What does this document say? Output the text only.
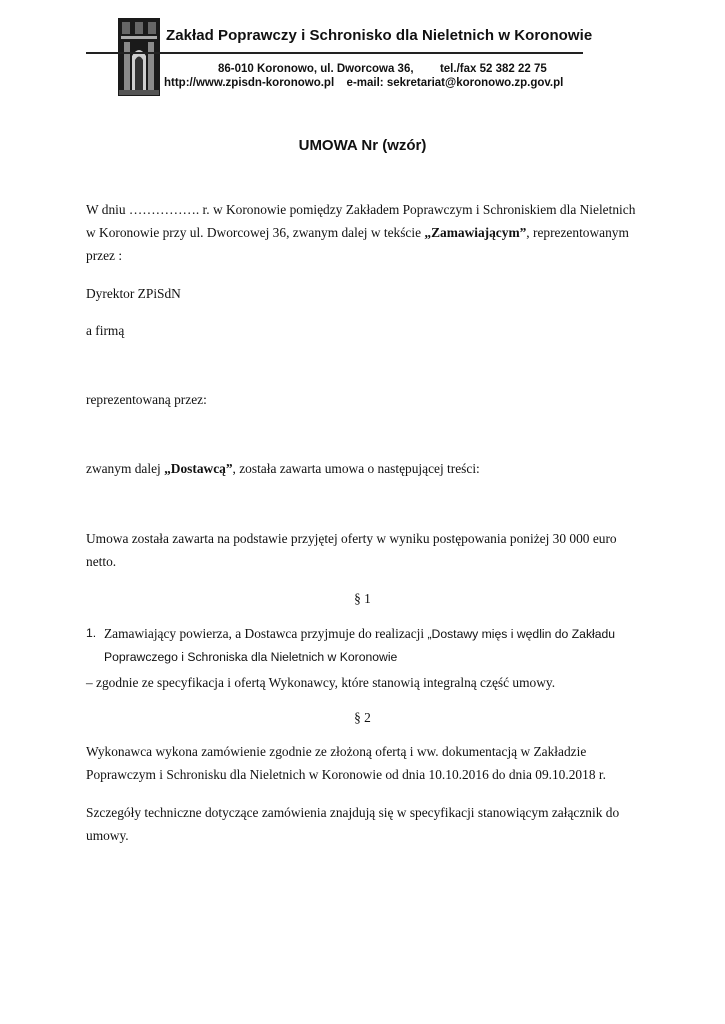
Zakład Poprawczy i Schronisko dla Nieletnich w Koronowie
86-010 Koronowo, ul. Dworcowa 36, tel./fax 52 382 22 75
http://www.zpisdn-koronowo.pl e-mail: sekretariat@koronowo.zp.gov.pl
UMOWA Nr (wzór)
W dniu ……………. r. w Koronowie pomiędzy Zakładem Poprawczym i Schroniskiem dla Nieletnich
w Koronowie przy ul. Dworcowej 36, zwanym dalej w tekście „Zamawiającym”, reprezentowanym
przez :
Dyrektor ZPiSdN
a firmą
reprezentowaną przez:
zwanym dalej „Dostawcą”, została zawarta umowa o następującej treści:
Umowa została zawarta na podstawie przyjętej oferty w wyniku postępowania poniżej 30 000 euro
netto.
§ 1
1. Zamawiający powierza, a Dostawca przyjmuje do realizacji „Dostawy mięs i wędlin do Zakładu
Poprawczego i Schroniska dla Nieletnich w Koronowie
– zgodnie ze specyfikacja i ofertą Wykonawcy, które stanowią integralną część umowy.
§ 2
Wykonawca wykona zamówienie zgodnie ze złożoną ofertą i ww. dokumentacją w Zakładzie
Poprawczym i Schronisku dla Nieletnich w Koronowie od dnia 10.10.2016 do dnia 09.10.2018 r.
Szczegóły techniczne dotyczące zamówienia znajdują się w specyfikacji stanowiącym załącznik do
umowy.
